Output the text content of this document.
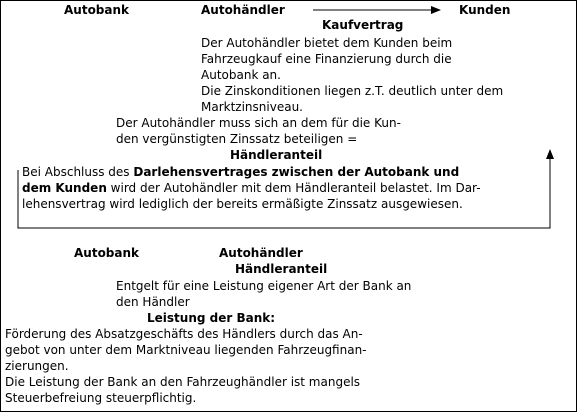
Autobank	Autohändler	Kunden
Kaufvertrag
Der Autohändler bietet dem Kunden beim
Fahrzeugkauf eine Finanzierung durch die
Autobank an.
Die Zinskonditionen liegen z.T. deutlich unter dem
Marktzinsniveau.
Der Autohändler muss sich an dem für die Kun-
den vergünstigten Zinssatz beteiligen =
Händleranteil
Bei Abschluss des Darlehensvertrages zwischen der Autobank und
dem Kunden wird der Autohändler mit dem Händleranteil belastet. Im Dar-
lehensvertrag wird lediglich der bereits ermäßigte Zinssatz ausgewiesen.
Autobank	Autohändler
Händleranteil
Entgelt für eine Leistung eigener Art der Bank an
den Händler
Leistung der Bank:
Förderung des Absatzgeschäfts des Händlers durch das An-
gebot von unter dem Marktniveau liegenden Fahrzeugfinan-
zierungen.
Die Leistung der Bank an den Fahrzeughändler ist mangels
Steuerbefreiung steuerpflichtig.
